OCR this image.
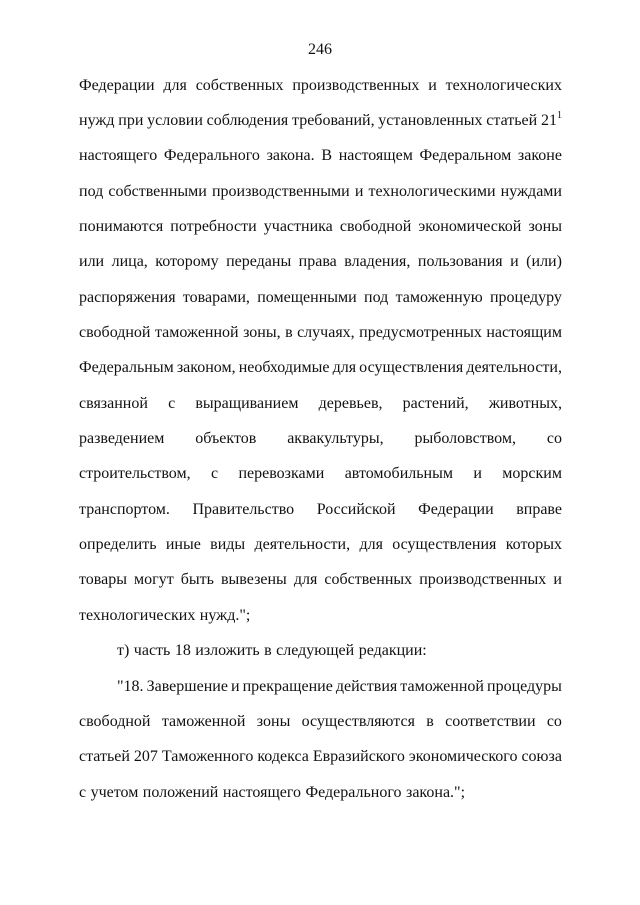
246
Федерации для собственных производственных и технологических
нужд при условии соблюдения требований, установленных статьей $21^1$
настоящего Федерального закона. В настоящем Федеральном законе
под собственными производственными и технологическими нуждами
понимаются потребности участника свободной экономической зоны
или лица, которому переданы права владения, пользования и (или)
распоряжения товарами, помещенными под таможенную процедуру
свободной таможенной зоны, в случаях, предусмотренных настоящим
Федеральным законом, необходимые для осуществления деятельности,
связанной с выращиванием деревьев, растений, животных,
разведением объектов аквакультуры, рыболовством, со
строительством, с перевозками автомобильным и морским
транспортом. Правительство Российской Федерации вправе
определить иные виды деятельности, для осуществления которых
товары могут быть вывезены для собственных производственных и
технологических нужд.";
т) часть 18 изложить в следующей редакции:
"18. Завершение и прекращение действия таможенной процедуры
свободной таможенной зоны осуществляются в соответствии со
статьей 207 Таможенного кодекса Евразийского экономического союза
с учетом положений настоящего Федерального закона.";
